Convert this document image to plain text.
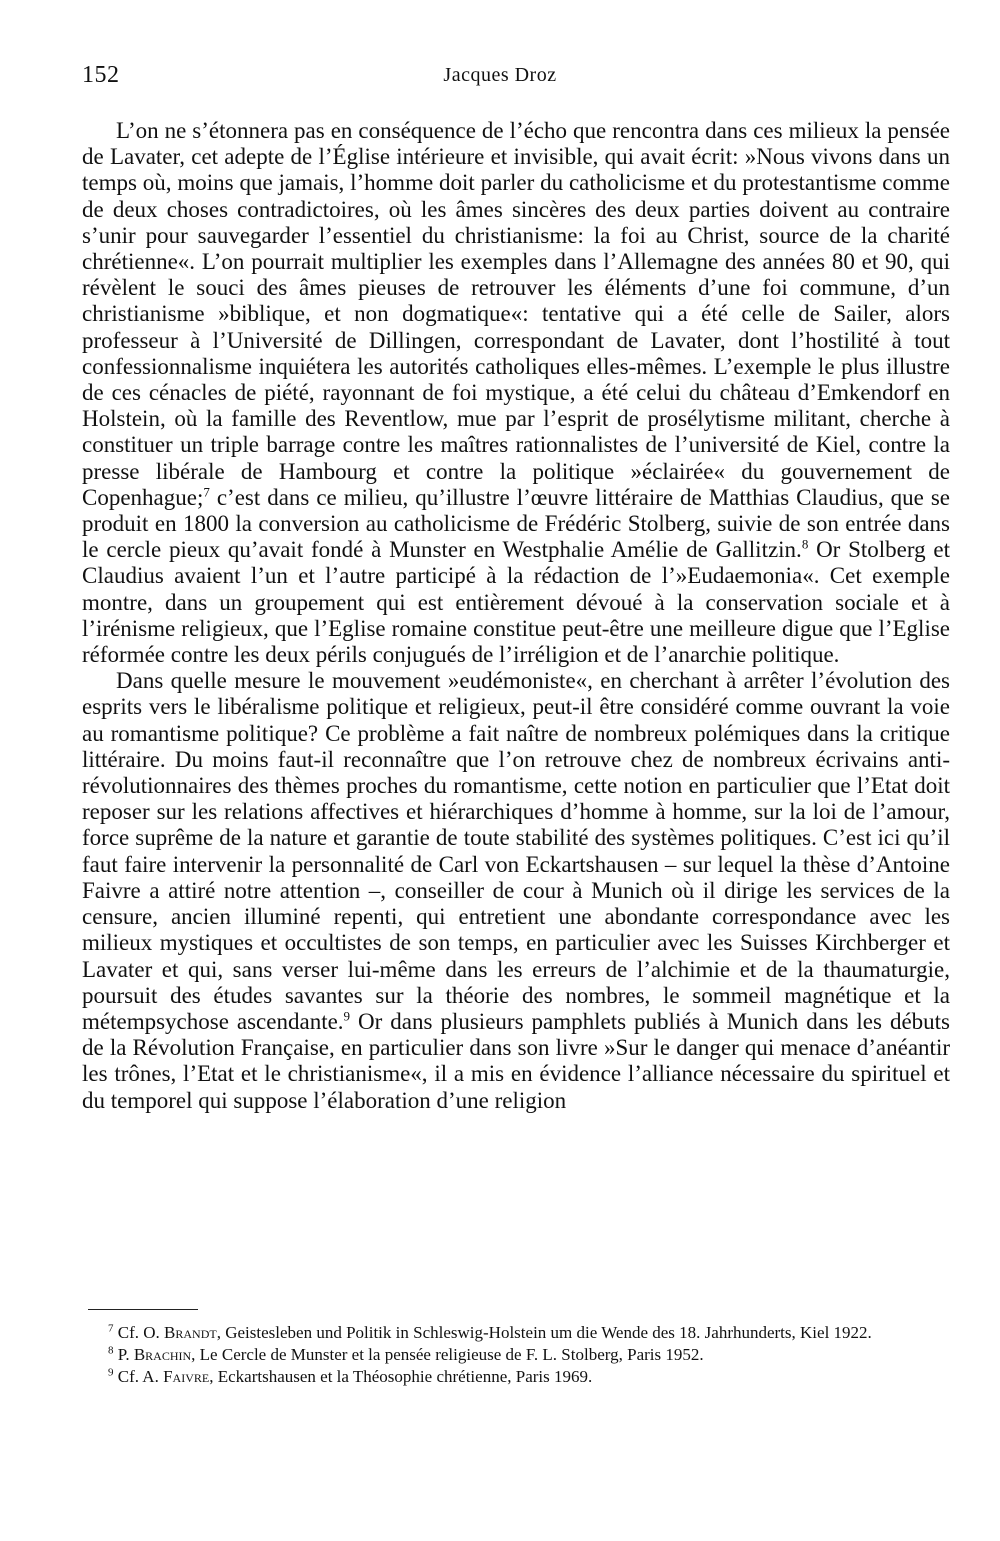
152	Jacques Droz

L’on ne s’étonnera pas en conséquence de l’écho que rencontra dans ces milieux la pensée de Lavater, cet adepte de l’Église intérieure et invisible, qui avait écrit: »Nous vivons dans un temps où, moins que jamais, l’homme doit parler du catholicisme et du protestantisme comme de deux choses contradictoires, où les âmes sincères des deux parties doivent au contraire s’unir pour sauvegarder l’essentiel du christianisme: la foi au Christ, source de la charité chrétienne«. L’on pourrait multiplier les exemples dans l’Allemagne des années 80 et 90, qui révèlent le souci des âmes pieuses de retrouver les éléments d’une foi commune, d’un christianisme »biblique, et non dogmatique«: tentative qui a été celle de Sailer, alors professeur à l’Université de Dillingen, correspondant de Lavater, dont l’hostilité à tout confessionnalisme inquiétera les autorités catholiques elles-mêmes. L’exemple le plus illustre de ces cénacles de piété, rayonnant de foi mystique, a été celui du château d’Emkendorf en Holstein, où la famille des Reventlow, mue par l’esprit de prosélytisme militant, cherche à constituer un triple barrage contre les maîtres rationnalistes de l’université de Kiel, contre la presse libérale de Hambourg et contre la politique »éclairée« du gouvernement de Copenhague;$^7$ c’est dans ce milieu, qu’illustre l’œuvre littéraire de Matthias Claudius, que se produit en 1800 la conversion au catholicisme de Frédéric Stolberg, suivie de son entrée dans le cercle pieux qu’avait fondé à Munster en Westphalie Amélie de Gallitzin.$^8$ Or Stolberg et Claudius avaient l’un et l’autre participé à la rédaction de l’»Eudaemonia«. Cet exemple montre, dans un groupement qui est entièrement dévoué à la conservation sociale et à l’irénisme religieux, que l’Eglise romaine constitue peut-être une meilleure digue que l’Eglise réformée contre les deux périls conjugués de l’irréligion et de l’anarchie politique.

Dans quelle mesure le mouvement »eudémoniste«, en cherchant à arrêter l’évolution des esprits vers le libéralisme politique et religieux, peut-il être considéré comme ouvrant la voie au romantisme politique? Ce problème a fait naître de nombreux polémiques dans la critique littéraire. Du moins faut-il reconnaître que l’on retrouve chez de nombreux écrivains anti-révolutionnaires des thèmes proches du romantisme, cette notion en particulier que l’Etat doit reposer sur les relations affectives et hiérarchiques d’homme à homme, sur la loi de l’amour, force suprême de la nature et garantie de toute stabilité des systèmes politiques. C’est ici qu’il faut faire intervenir la personnalité de Carl von Eckartshausen – sur lequel la thèse d’Antoine Faivre a attiré notre attention –, conseiller de cour à Munich où il dirige les services de la censure, ancien illuminé repenti, qui entretient une abondante correspondance avec les milieux mystiques et occultistes de son temps, en particulier avec les Suisses Kirchberger et Lavater et qui, sans verser lui-même dans les erreurs de l’alchimie et de la thaumaturgie, poursuit des études savantes sur la théorie des nombres, le sommeil magnétique et la métempsychose ascendante.$^9$ Or dans plusieurs pamphlets publiés à Munich dans les débuts de la Révolution Française, en particulier dans son livre »Sur le danger qui menace d’anéantir les trônes, l’Etat et le christianisme«, il a mis en évidence l’alliance nécessaire du spirituel et du temporel qui suppose l’élaboration d’une religion

$^7$ Cf. O. Brandt, Geistesleben und Politik in Schleswig-Holstein um die Wende des 18. Jahrhunderts, Kiel 1922.

$^8$ P. Brachin, Le Cercle de Munster et la pensée religieuse de F. L. Stolberg, Paris 1952.

$^9$ Cf. A. Faivre, Eckartshausen et la Théosophie chrétienne, Paris 1969.
